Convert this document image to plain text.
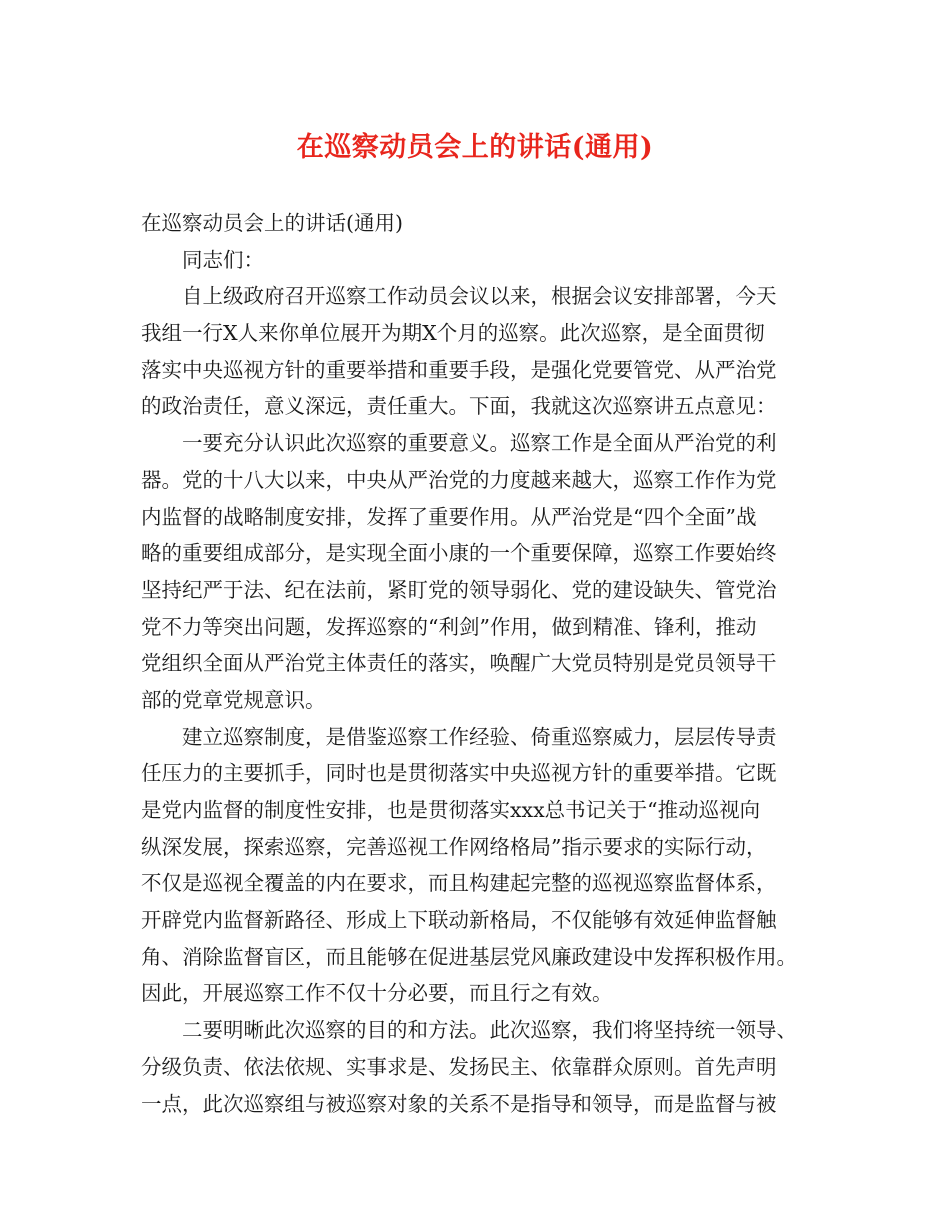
在巡察动员会上的讲话(通用)
在巡察动员会上的讲话(通用)
同志们：
自上级政府召开巡察工作动员会议以来，根据会议安排部署，今天
我组一行X人来你单位展开为期X个月的巡察。此次巡察，是全面贯彻
落实中央巡视方针的重要举措和重要手段，是强化党要管党、从严治党
的政治责任，意义深远，责任重大。下面，我就这次巡察讲五点意见：
一要充分认识此次巡察的重要意义。巡察工作是全面从严治党的利
器。党的十八大以来，中央从严治党的力度越来越大，巡察工作作为党
内监督的战略制度安排，发挥了重要作用。从严治党是“四个全面”战
略的重要组成部分，是实现全面小康的一个重要保障，巡察工作要始终
坚持纪严于法、纪在法前，紧盯党的领导弱化、党的建设缺失、管党治
党不力等突出问题，发挥巡察的“利剑”作用，做到精准、锋利，推动
党组织全面从严治党主体责任的落实，唤醒广大党员特别是党员领导干
部的党章党规意识。
建立巡察制度，是借鉴巡察工作经验、倚重巡察威力，层层传导责
任压力的主要抓手，同时也是贯彻落实中央巡视方针的重要举措。它既
是党内监督的制度性安排，也是贯彻落实xxx总书记关于“推动巡视向
纵深发展，探索巡察，完善巡视工作网络格局”指示要求的实际行动，
不仅是巡视全覆盖的内在要求，而且构建起完整的巡视巡察监督体系，
开辟党内监督新路径、形成上下联动新格局，不仅能够有效延伸监督触
角、消除监督盲区，而且能够在促进基层党风廉政建设中发挥积极作用。
因此，开展巡察工作不仅十分必要，而且行之有效。
二要明晰此次巡察的目的和方法。此次巡察，我们将坚持统一领导、
分级负责、依法依规、实事求是、发扬民主、依靠群众原则。首先声明
一点，此次巡察组与被巡察对象的关系不是指导和领导，而是监督与被
